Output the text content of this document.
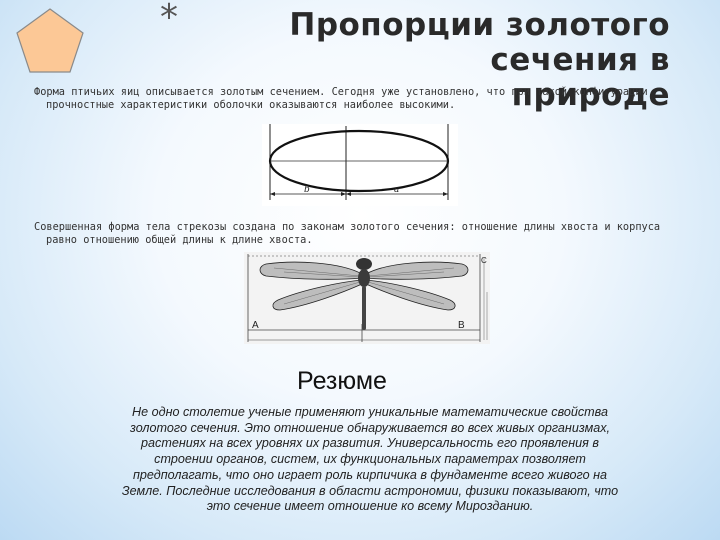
*	Пропорции золотого сечения в
природе
Форма птичьих яиц описывается золотым сечением. Сегодня уже установлено, что при такой конфигурации
прочностные характеристики оболочки оказываются наиболее высокими.
b	a
Совершенная форма тела стрекозы создана по законам золотого сечения: отношение длины хвоста и корпуса
равно отношению общей длины к длине хвоста.
A	B
C
Резюме
Не одно столетие ученые применяют уникальные математические свойства
золотого сечения. Это отношение обнаруживается во всех живых организмах,
растениях на всех уровнях их развития. Универсальность его проявления в
строении органов, систем, их функциональных параметрах позволяет
предполагать, что оно играет роль кирпичика в фундаменте всего живого на
Земле. Последние исследования в области астрономии, физики показывают, что
это сечение имеет отношение ко всему Мирозданию.
